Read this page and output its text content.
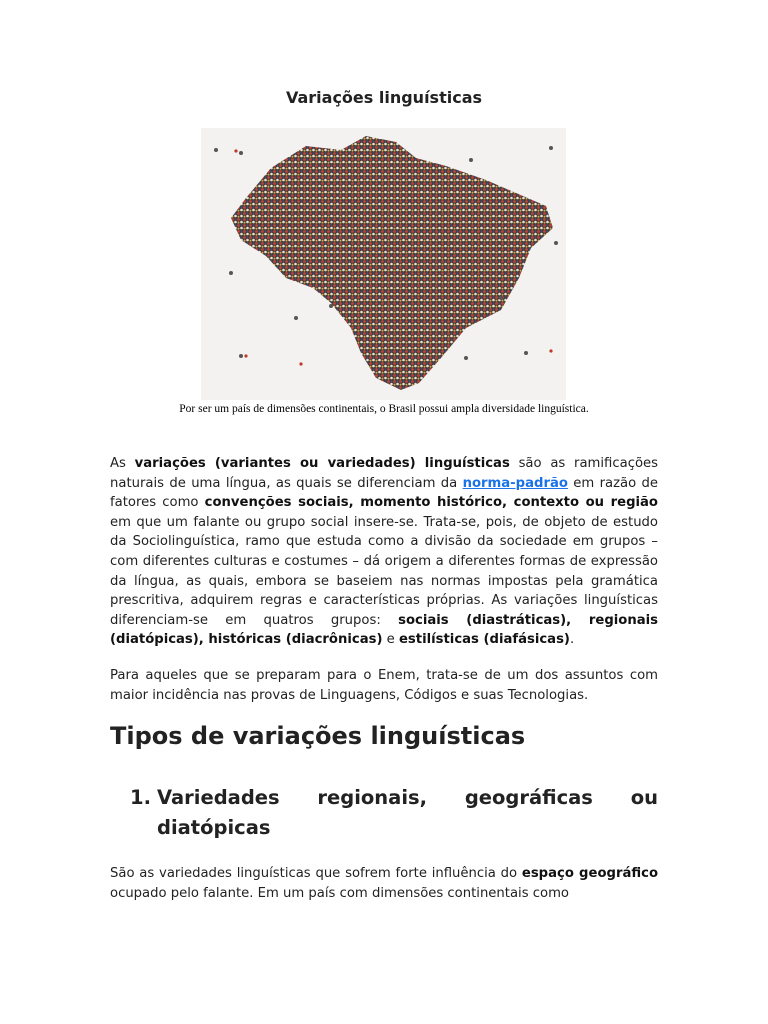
Variações linguísticas
Por ser um país de dimensões continentais, o Brasil possui ampla diversidade linguística.
As variações (variantes ou variedades) linguísticas são as ramificações naturais de uma língua, as quais se diferenciam da norma-padrão em razão de fatores como convenções sociais, momento histórico, contexto ou região em que um falante ou grupo social insere-se. Trata-se, pois, de objeto de estudo da Sociolinguística, ramo que estuda como a divisão da sociedade em grupos – com diferentes culturas e costumes – dá origem a diferentes formas de expressão da língua, as quais, embora se baseiem nas normas impostas pela gramática prescritiva, adquirem regras e características próprias. As variações linguísticas diferenciam-se em quatros grupos: sociais (diastráticas), regionais (diatópicas), históricas (diacrônicas) e estilísticas (diafásicas).
Para aqueles que se preparam para o Enem, trata-se de um dos assuntos com maior incidência nas provas de Linguagens, Códigos e suas Tecnologias.
Tipos de variações linguísticas
1. Variedades regionais, geográficas ou
diatópicas
São as variedades linguísticas que sofrem forte influência do espaço geográfico ocupado pelo falante. Em um país com dimensões continentais como
